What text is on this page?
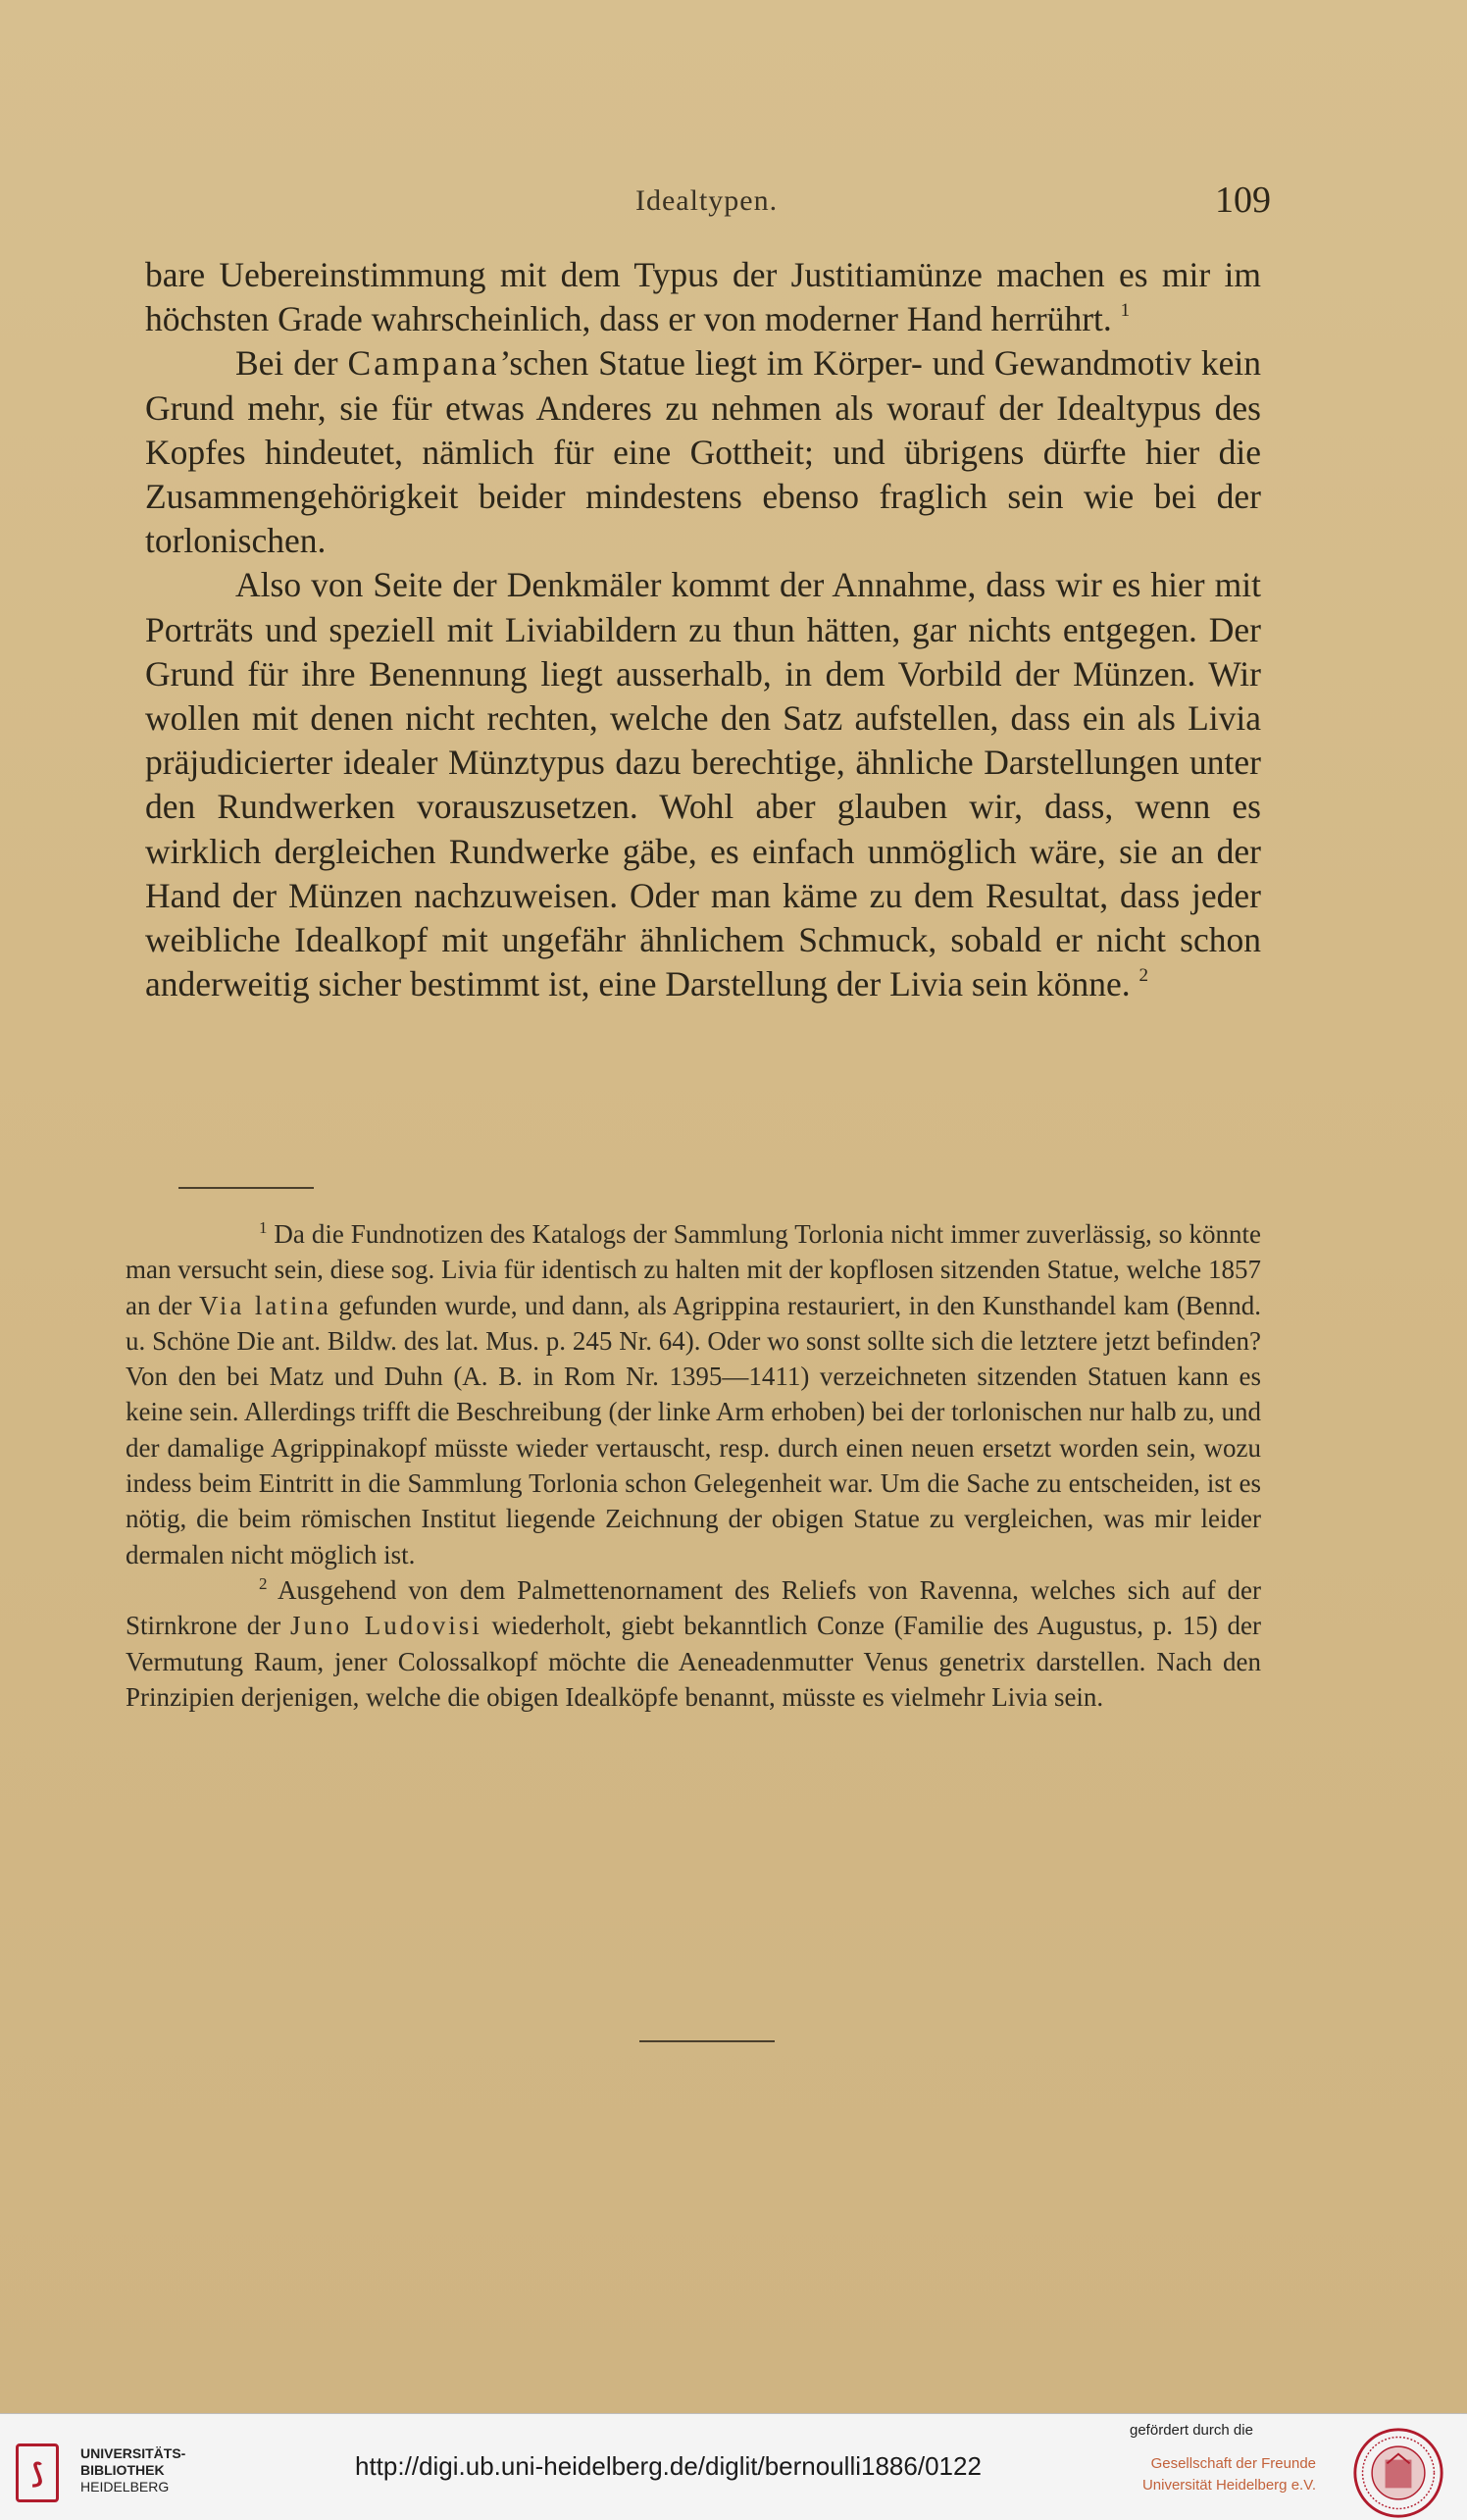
Idealtypen.	109

bare Uebereinstimmung mit dem Typus der Justitiamünze machen es mir im höchsten Grade wahrscheinlich, dass er von moderner Hand herrührt. $^1$

Bei der Campana’schen Statue liegt im Körper- und Gewandmotiv kein Grund mehr, sie für etwas Anderes zu nehmen als worauf der Idealtypus des Kopfes hindeutet, nämlich für eine Gottheit; und übrigens dürfte hier die Zusammengehörigkeit beider mindestens ebenso fraglich sein wie bei der torlonischen.

Also von Seite der Denkmäler kommt der Annahme, dass wir es hier mit Porträts und speziell mit Liviabildern zu thun hätten, gar nichts entgegen. Der Grund für ihre Benennung liegt ausserhalb, in dem Vorbild der Münzen. Wir wollen mit denen nicht rechten, welche den Satz aufstellen, dass ein als Livia präjudicierter idealer Münztypus dazu berechtige, ähnliche Darstellungen unter den Rundwerken vorauszusetzen. Wohl aber glauben wir, dass, wenn es wirklich dergleichen Rundwerke gäbe, es einfach unmöglich wäre, sie an der Hand der Münzen nachzuweisen. Oder man käme zu dem Resultat, dass jeder weibliche Idealkopf mit ungefähr ähnlichem Schmuck, sobald er nicht schon anderweitig sicher bestimmt ist, eine Darstellung der Livia sein könne. $^2$

$^1$ Da die Fundnotizen des Katalogs der Sammlung Torlonia nicht immer zuverlässig, so könnte man versucht sein, diese sog. Livia für identisch zu halten mit der kopflosen sitzenden Statue, welche 1857 an der Via latina gefunden wurde, und dann, als Agrippina restauriert, in den Kunsthandel kam (Bennd. u. Schöne Die ant. Bildw. des lat. Mus. p. 245 Nr. 64). Oder wo sonst sollte sich die letztere jetzt befinden? Von den bei Matz und Duhn (A. B. in Rom Nr. 1395—1411) verzeichneten sitzenden Statuen kann es keine sein. Allerdings trifft die Beschreibung (der linke Arm erhoben) bei der torlonischen nur halb zu, und der damalige Agrippinakopf müsste wieder vertauscht, resp. durch einen neuen ersetzt worden sein, wozu indess beim Eintritt in die Sammlung Torlonia schon Gelegenheit war. Um die Sache zu entscheiden, ist es nötig, die beim römischen Institut liegende Zeichnung der obigen Statue zu vergleichen, was mir leider dermalen nicht möglich ist.

$^2$ Ausgehend von dem Palmettenornament des Reliefs von Ravenna, welches sich auf der Stirnkrone der Juno Ludovisi wiederholt, giebt bekanntlich Conze (Familie des Augustus, p. 15) der Vermutung Raum, jener Colossalkopf möchte die Aeneadenmutter Venus genetrix darstellen. Nach den Prinzipien derjenigen, welche die obigen Idealköpfe benannt, müsste es vielmehr Livia sein.

⟆
UNIVERSITÄTS-
BIBLIOTHEK
HEIDELBERG
http://digi.ub.uni-heidelberg.de/diglit/bernoulli1886/0122
gefördert durch die
Gesellschaft der Freunde
Universität Heidelberg e.V.
